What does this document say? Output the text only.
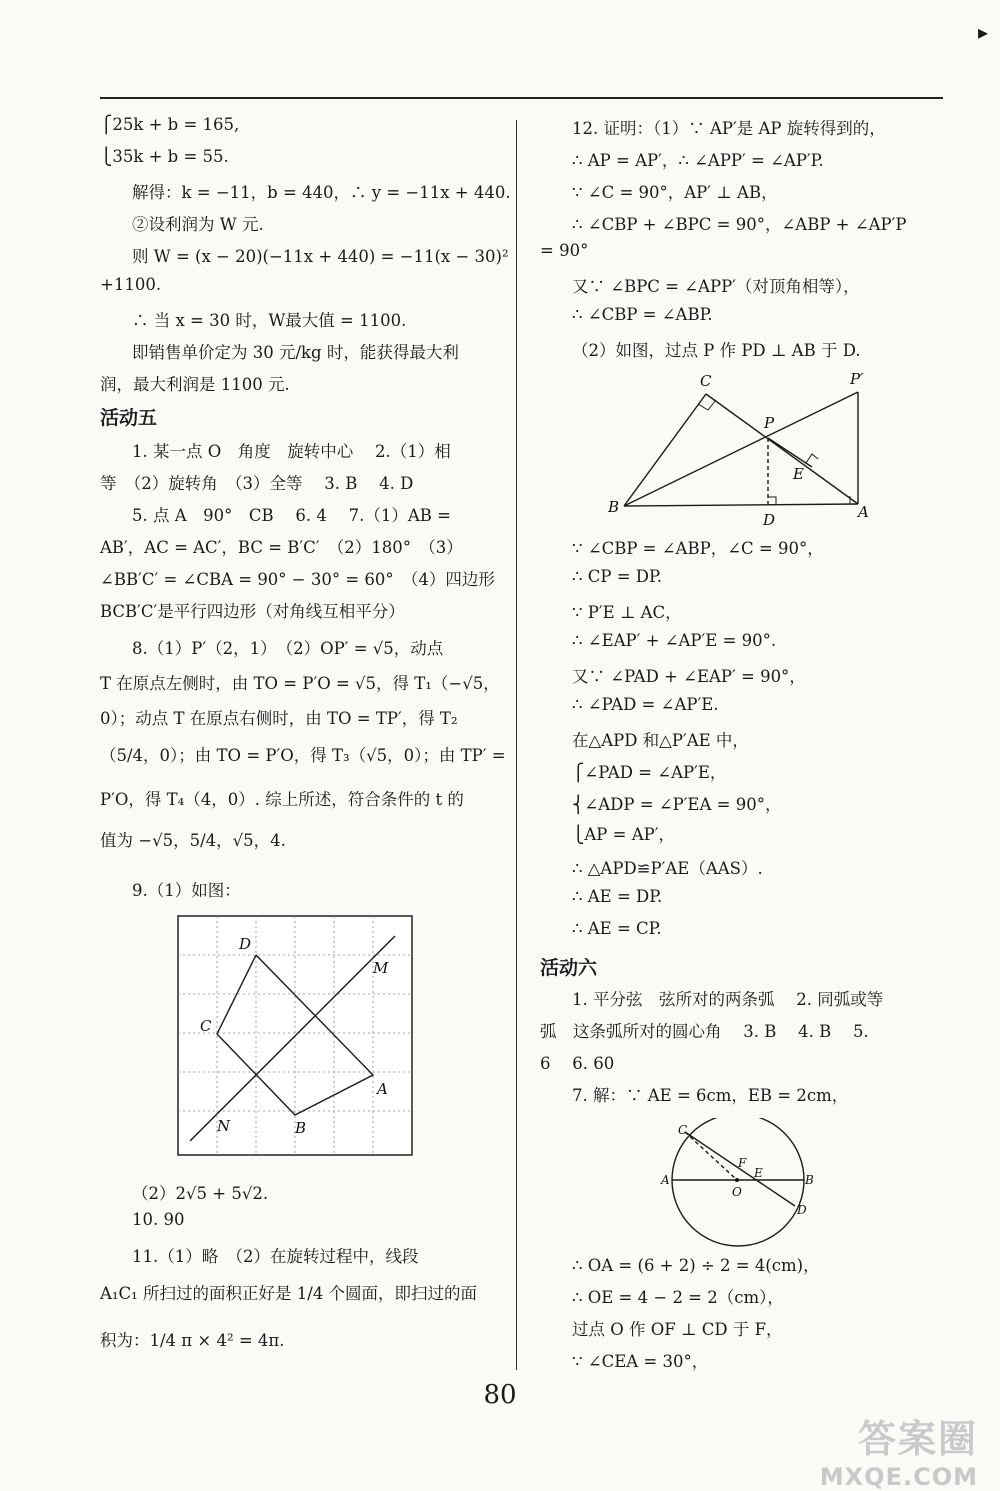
▸
⎧25k + b = 165,
⎩35k + b = 55.
解得：k = −11，b = 440，∴ y = −11x + 440.
②设利润为 W 元.
则 W = (x − 20)(−11x + 440) = −11(x − 30)²
+1100.
∴ 当 x = 30 时，W最大值 = 1100.
即销售单价定为 30 元/kg 时，能获得最大利
润，最大利润是 1100 元.
活动五
1. 某一点 O　角度　旋转中心　 2.（1）相
等　（2）旋转角　（3）全等　 3. B　 4. D
5. 点 A　90°　CB　 6. 4　 7.（1）AB =
AB′，AC = AC′，BC = B′C′　（2）180°　（3）
∠BB′C′ = ∠CBA = 90° − 30° = 60°　（4）四边形
BCB′C′是平行四边形（对角线互相平分）
8.（1）P′（2，1）　（2）OP′ = √5，动点
T 在原点左侧时，由 TO = P′O = √5，得 T₁（−√5，
0）；动点 T 在原点右侧时，由 TO = TP′，得 T₂
（5/4，0）；由 TO = P′O，得 T₃（√5，0）；由 TP′ =
P′O，得 T₄（4，0）. 综上所述，符合条件的 t 的
值为 −√5，5/4，√5，4.
9.（1）如图：
（2）2√5 + 5√2.
10. 90
11.（1）略　（2）在旋转过程中，线段
A₁C₁ 所扫过的面积正好是 1/4 个圆面，即扫过的面
积为：1/4 π × 4² = 4π.
12. 证明：（1）∵ AP′是 AP 旋转得到的，
∴ AP = AP′，∴ ∠APP′ = ∠AP′P.
∵ ∠C = 90°，AP′ ⊥ AB，
∴ ∠CBP + ∠BPC = 90°，∠ABP + ∠AP′P
= 90°
又∵ ∠BPC = ∠APP′（对顶角相等），
∴ ∠CBP = ∠ABP.
（2）如图，过点 P 作 PD ⊥ AB 于 D.
∵ ∠CBP = ∠ABP，∠C = 90°，
∴ CP = DP.
∵ P′E ⊥ AC，
∴ ∠EAP′ + ∠AP′E = 90°.
又∵ ∠PAD + ∠EAP′ = 90°，
∴ ∠PAD = ∠AP′E.
在△APD 和△P′AE 中，
⎧∠PAD = ∠AP′E，
⎨∠ADP = ∠P′EA = 90°，
⎩AP = AP′，
∴ △APD≌P′AE（AAS）.
∴ AE = DP.
∴ AE = CP.
活动六
1. 平分弦　弦所对的两条弧　 2. 同弧或等
弧　这条弧所对的圆心角　 3. B　 4. B　 5.
6　 6. 60
7. 解：∵ AE = 6cm，EB = 2cm，
∴ OA = (6 + 2) ÷ 2 = 4(cm)，
∴ OE = 4 − 2 = 2（cm），
过点 O 作 OF ⊥ CD 于 F，
∵ ∠CEA = 30°，
D
M
C
A
N	B
C	P′
P
E
B
D	A
C
F
E
A
O
B
D
80
答案圈
MXQE.COM
